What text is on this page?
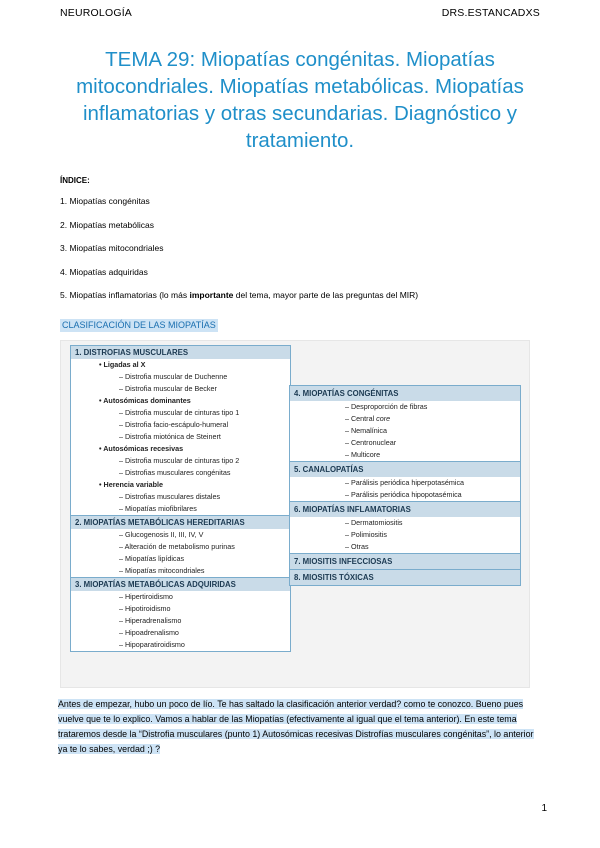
NEUROLOGÍA	DRS.ESTANCADXS
TEMA 29: Miopatías congénitas. Miopatías mitocondriales. Miopatías metabólicas. Miopatías inflamatorias y otras secundarias. Diagnóstico y tratamiento.
ÍNDICE:
1. Miopatías congénitas
2. Miopatías metabólicas
3. Miopatías mitocondriales
4. Miopatías adquiridas
5. Miopatías inflamatorias (lo más importante del tema, mayor parte de las preguntas del MIR)
CLASIFICACIÓN DE LAS MIOPATÍAS
1. DISTROFIAS MUSCULARES
• Ligadas al X
– Distrofia muscular de Duchenne
– Distrofia muscular de Becker
• Autosómicas dominantes
– Distrofia muscular de cinturas tipo 1
– Distrofia facio-escápulo-humeral
– Distrofia miotónica de Steinert
• Autosómicas recesivas
– Distrofia muscular de cinturas tipo 2
– Distrofias musculares congénitas
• Herencia variable
– Distrofias musculares distales
– Miopatías miofibrilares
2. MIOPATÍAS METABÓLICAS HEREDITARIAS
– Glucogenosis II, III, IV, V
– Alteración de metabolismo purinas
– Miopatías lipídicas
– Miopatías mitocondriales
3. MIOPATÍAS METABÓLICAS ADQUIRIDAS
– Hipertiroidismo
– Hipotiroidismo
– Hiperadrenalismo
– Hipoadrenalismo
– Hipoparatiroidismo
4. MIOPATÍAS CONGÉNITAS
– Desproporción de fibras
– Central core
– Nemalínica
– Centronuclear
– Multicore
5. CANALOPATÍAS
– Parálisis periódica hiperpotasémica
– Parálisis periódica hipopotasémica
6. MIOPATÍAS INFLAMATORIAS
– Dermatomiositis
– Polimiositis
– Otras
7. MIOSITIS INFECCIOSAS
8. MIOSITIS TÓXICAS

Antes de empezar, hubo un poco de lío. Te has saltado la clasificación anterior verdad? como te conozco. Bueno pues vuelve que te lo explico. Vamos a hablar de las Miopatías (efectivamente al igual que el tema anterior). En este tema trataremos desde la “Distrofia musculares (punto 1) Autosómicas recesivas Distrofías musculares congénitas”, lo anterior ya te lo sabes, verdad ;) ?

1
